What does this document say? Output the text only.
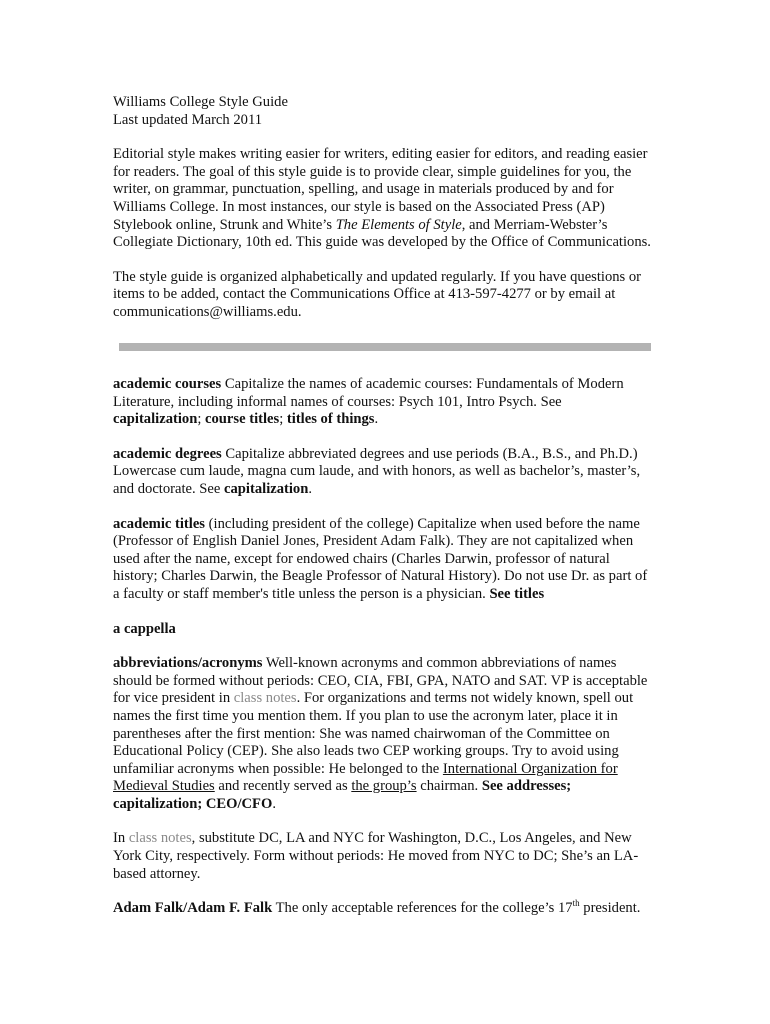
Williams College Style Guide

Last updated March 2011

Editorial style makes writing easier for writers, editing easier for editors, and reading easier for readers. The goal of this style guide is to provide clear, simple guidelines for you, the writer, on grammar, punctuation, spelling, and usage in materials produced by and for Williams College. In most instances, our style is based on the Associated Press (AP) Stylebook online, Strunk and White’s The Elements of Style, and Merriam-Webster’s Collegiate Dictionary, 10th ed. This guide was developed by the Office of Communications.

The style guide is organized alphabetically and updated regularly. If you have questions or items to be added, contact the Communications Office at 413-597-4277 or by email at communications@williams.edu.

academic courses Capitalize the names of academic courses: Fundamentals of Modern Literature, including informal names of courses: Psych 101, Intro Psych. See capitalization; course titles; titles of things.

academic degrees Capitalize abbreviated degrees and use periods (B.A., B.S., and Ph.D.) Lowercase cum laude, magna cum laude, and with honors, as well as bachelor’s, master’s, and doctorate. See capitalization.

academic titles (including president of the college) Capitalize when used before the name (Professor of English Daniel Jones, President Adam Falk). They are not capitalized when used after the name, except for endowed chairs (Charles Darwin, professor of natural history; Charles Darwin, the Beagle Professor of Natural History). Do not use Dr. as part of a faculty or staff member's title unless the person is a physician. See titles

a cappella

abbreviations/acronyms Well-known acronyms and common abbreviations of names should be formed without periods: CEO, CIA, FBI, GPA, NATO and SAT. VP is acceptable for vice president in class notes. For organizations and terms not widely known, spell out names the first time you mention them. If you plan to use the acronym later, place it in parentheses after the first mention: She was named chairwoman of the Committee on Educational Policy (CEP). She also leads two CEP working groups. Try to avoid using unfamiliar acronyms when possible: He belonged to the International Organization for Medieval Studies and recently served as the group’s chairman. See addresses; capitalization; CEO/CFO.

In class notes, substitute DC, LA and NYC for Washington, D.C., Los Angeles, and New York City, respectively. Form without periods: He moved from NYC to DC; She’s an LA-based attorney.

Adam Falk/Adam F. Falk The only acceptable references for the college’s 17th president.
